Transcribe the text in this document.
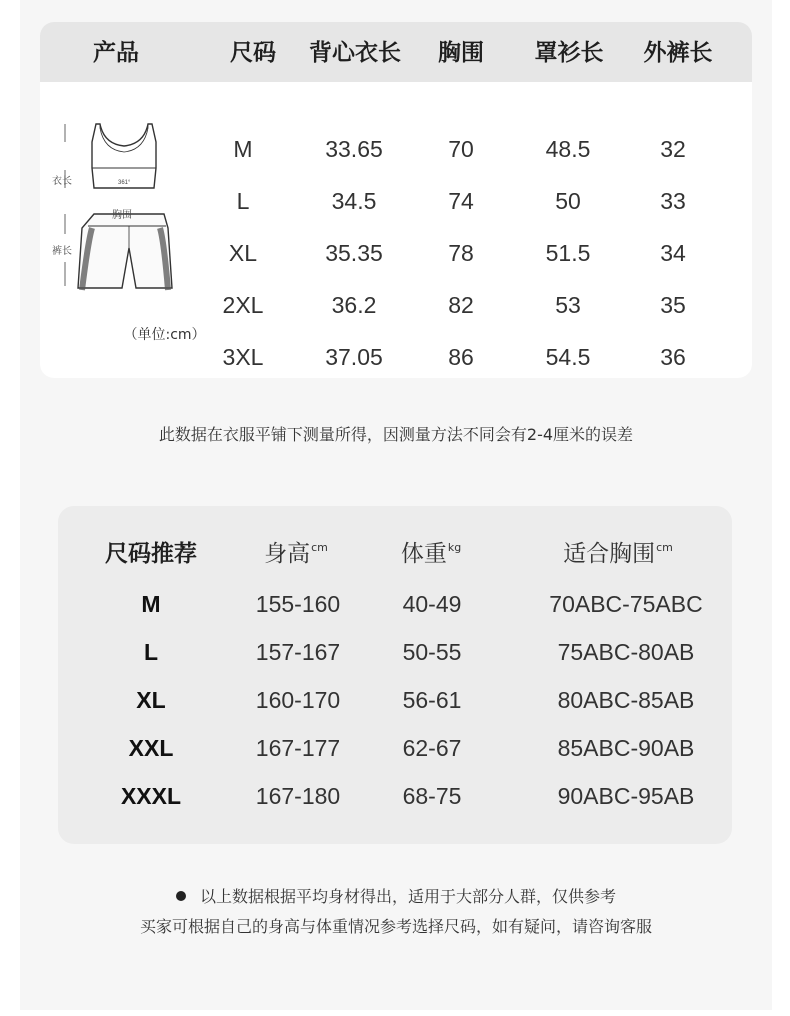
产品	尺码 背心衣长 胸围 罩衫长 外裤长
衣长	361°
胸围
裤长
（单位:cm）
M	33.65	70	48.5	32
L	34.5	74	50	33
XL	35.35	78	51.5	34
2XL	36.2	82	53	35
3XL	37.05	86	54.5	36
此数据在衣服平铺下测量所得，因测量方法不同会有2-4厘米的误差
尺码推荐	身高$^{cm}$	体重$^{kg}$	适合胸围$^{cm}$
M	155-160	40-49	70ABC-75ABC
L	157-167	50-55	75ABC-80AB
XL	160-170	56-61	80ABC-85AB
XXL	167-177	62-67	85ABC-90AB
XXXL	167-180	68-75	90ABC-95AB
以上数据根据平均身材得出，适用于大部分人群，仅供参考
买家可根据自己的身高与体重情况参考选择尺码，如有疑问，请咨询客服
